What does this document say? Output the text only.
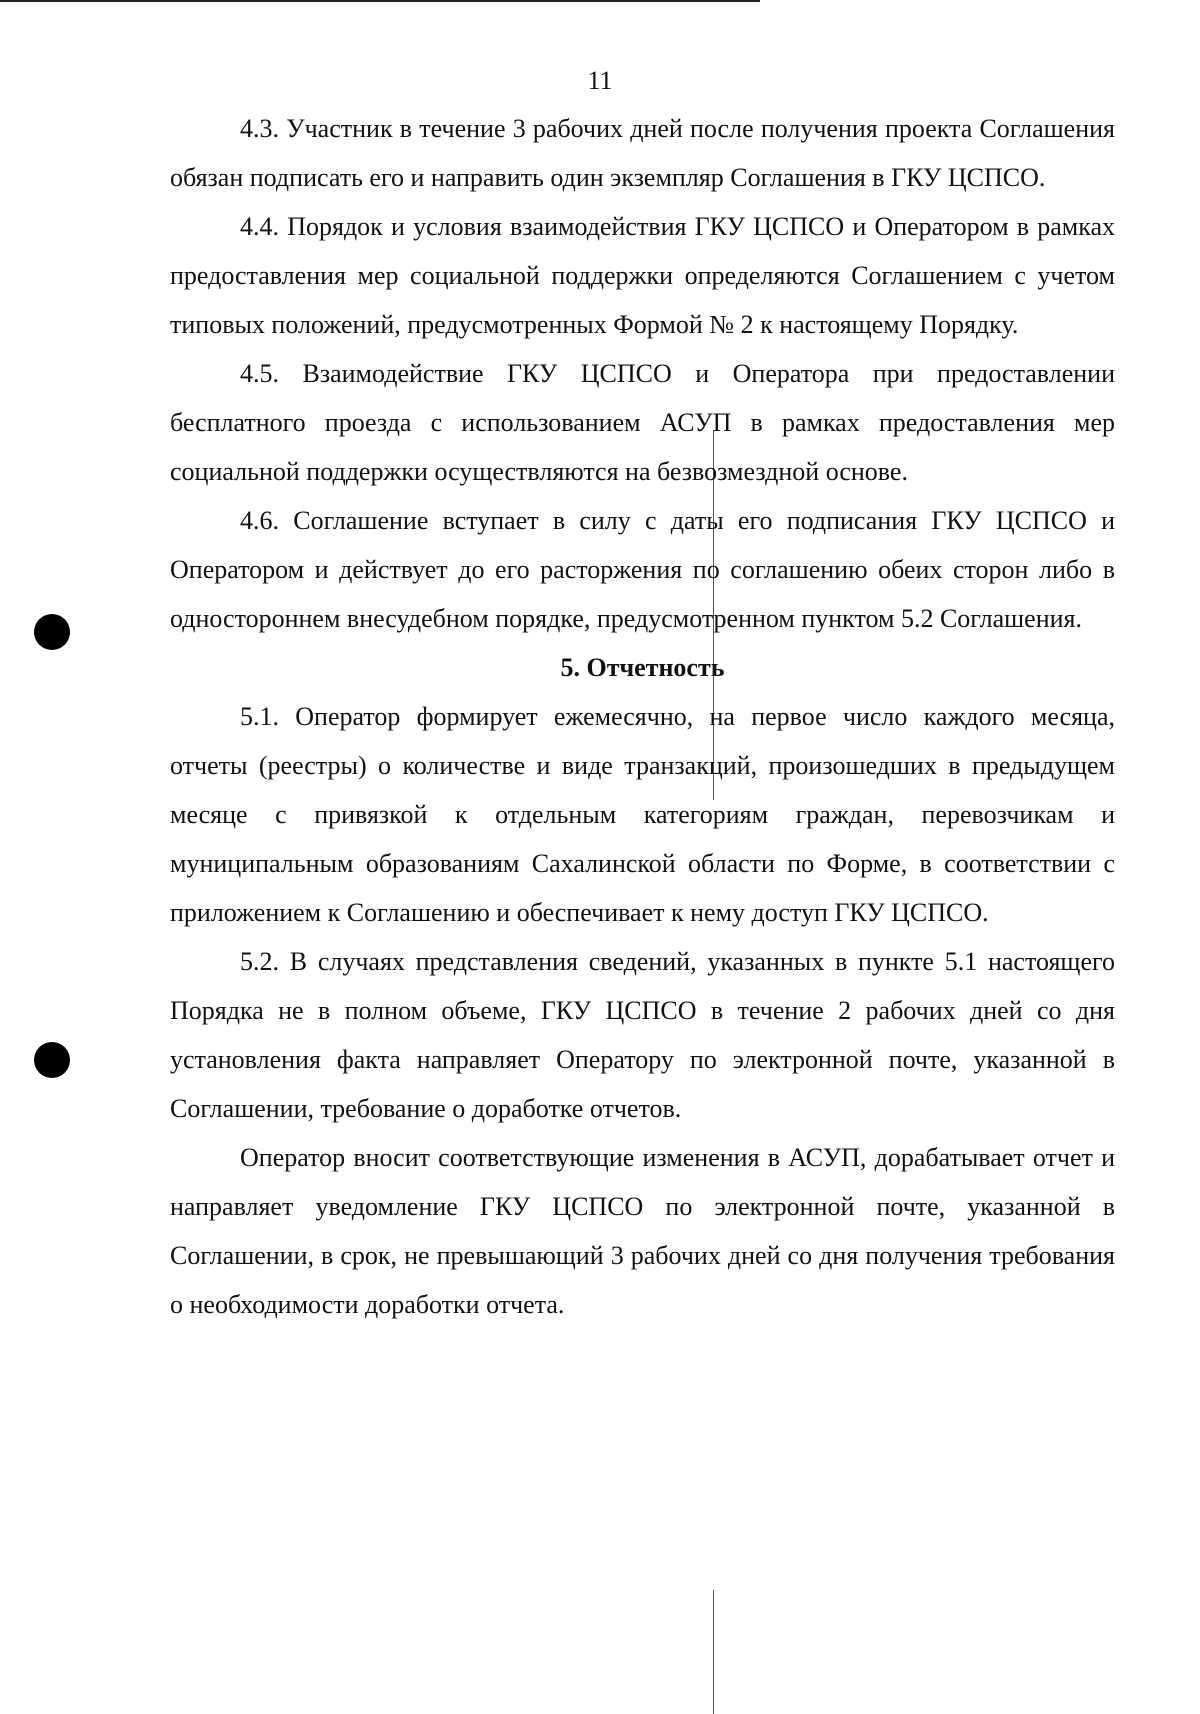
11

4.3. Участник в течение 3 рабочих дней после получения проекта Соглашения обязан подписать его и направить один экземпляр Соглашения в ГКУ ЦСПСО.

4.4. Порядок и условия взаимодействия ГКУ ЦСПСО и Оператором в рамках предоставления мер социальной поддержки определяются Соглашением с учетом типовых положений, предусмотренных Формой № 2 к настоящему Порядку.

4.5. Взаимодействие ГКУ ЦСПСО и Оператора при предоставлении бесплатного проезда с использованием АСУП в рамках предоставления мер социальной поддержки осуществляются на безвозмездной основе.

4.6. Соглашение вступает в силу с даты его подписания ГКУ ЦСПСО и Оператором и действует до его расторжения по соглашению обеих сторон либо в одностороннем внесудебном порядке, предусмотренном пунктом 5.2 Соглашения.

5. Отчетность

5.1. Оператор формирует ежемесячно, на первое число каждого месяца, отчеты (реестры) о количестве и виде транзакций, произошедших в предыдущем месяце с привязкой к отдельным категориям граждан, перевозчикам и муниципальным образованиям Сахалинской области по Форме, в соответствии с приложением к Соглашению и обеспечивает к нему доступ ГКУ ЦСПСО.

5.2. В случаях представления сведений, указанных в пункте 5.1 настоящего Порядка не в полном объеме, ГКУ ЦСПСО в течение 2 рабочих дней со дня установления факта направляет Оператору по электронной почте, указанной в Соглашении, требование о доработке отчетов.

Оператор вносит соответствующие изменения в АСУП, дорабатывает отчет и направляет уведомление ГКУ ЦСПСО по электронной почте, указанной в Соглашении, в срок, не превышающий 3 рабочих дней со дня получения требования о необходимости доработки отчета.
